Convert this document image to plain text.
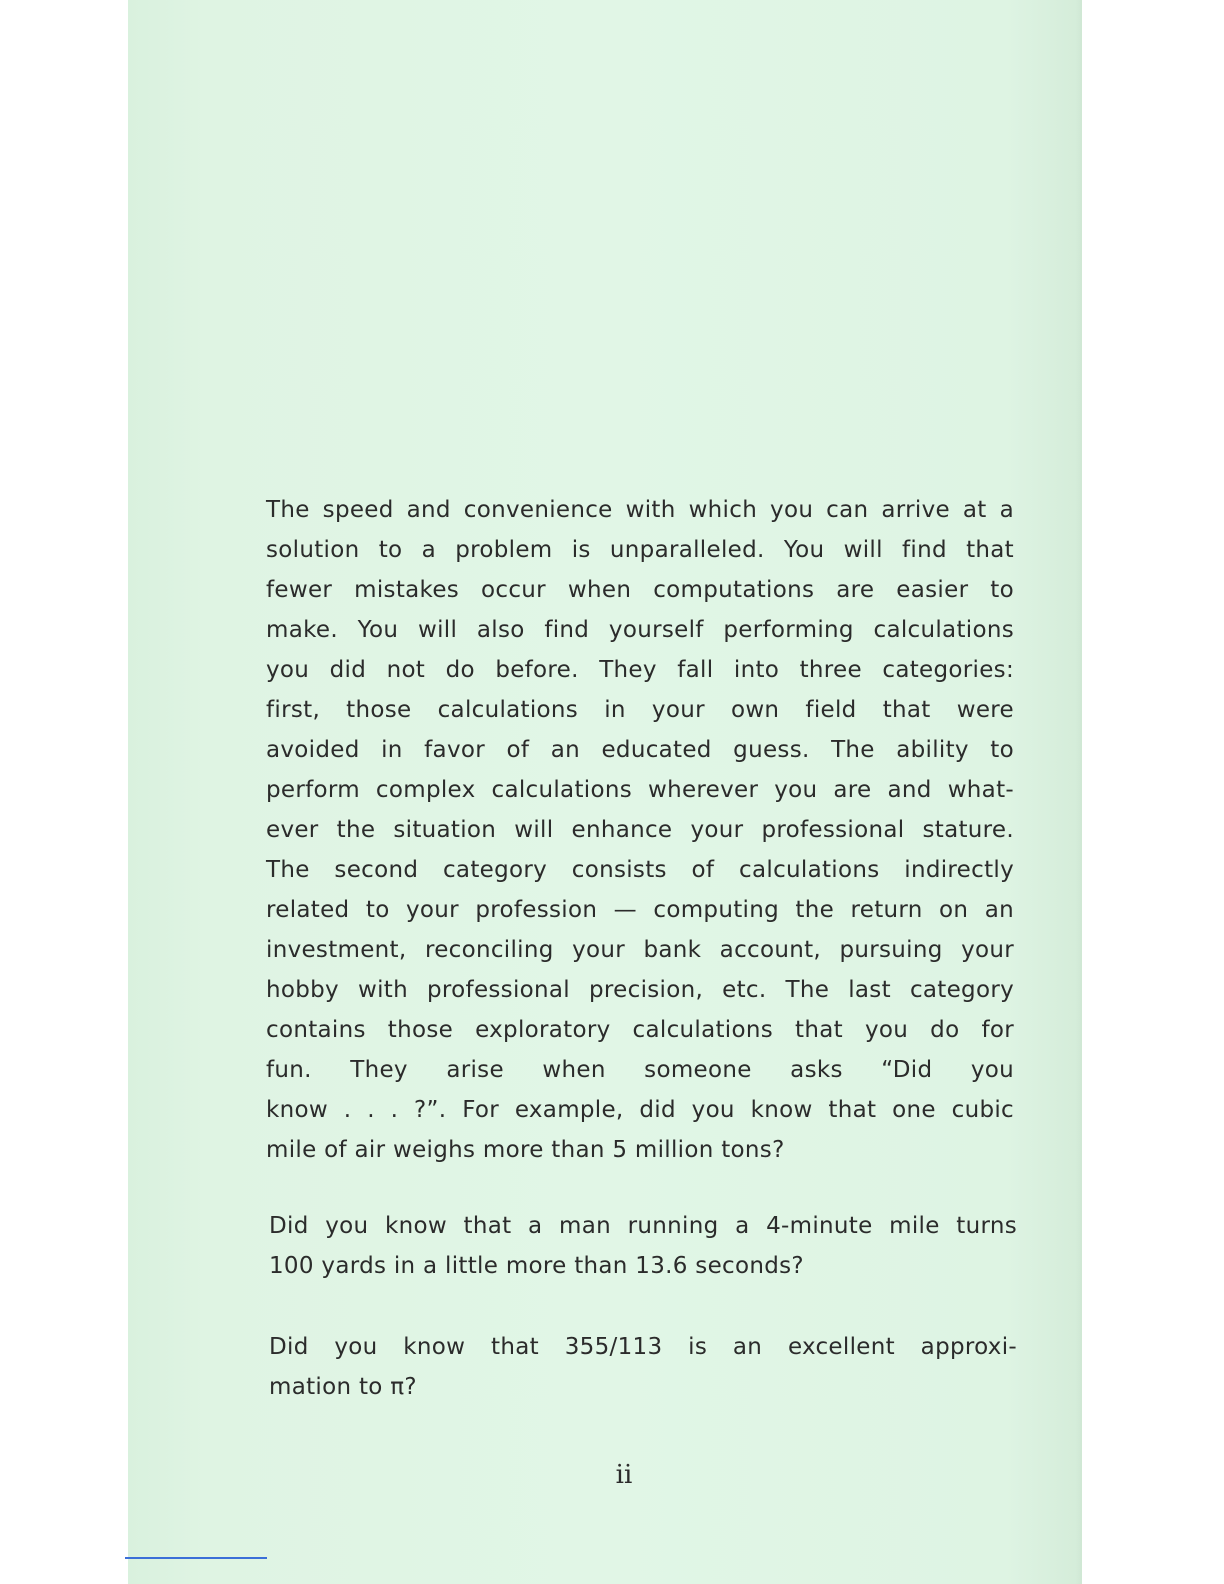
The speed and convenience with which you can arrive at a
solution to a problem is unparalleled. You will find that
fewer mistakes occur when computations are easier to
make. You will also find yourself performing calculations
you did not do before. They fall into three categories:
first, those calculations in your own field that were
avoided in favor of an educated guess. The ability to
perform complex calculations wherever you are and what-
ever the situation will enhance your professional stature.
The second category consists of calculations indirectly
related to your profession — computing the return on an
investment, reconciling your bank account, pursuing your
hobby with professional precision, etc. The last category
contains those exploratory calculations that you do for
fun. They arise when someone asks “Did you
know . . . ?”. For example, did you know that one cubic
mile of air weighs more than 5 million tons?
Did you know that a man running a 4-minute mile turns
100 yards in a little more than 13.6 seconds?
Did you know that 355/113 is an excellent approxi-
mation to π?
ii
